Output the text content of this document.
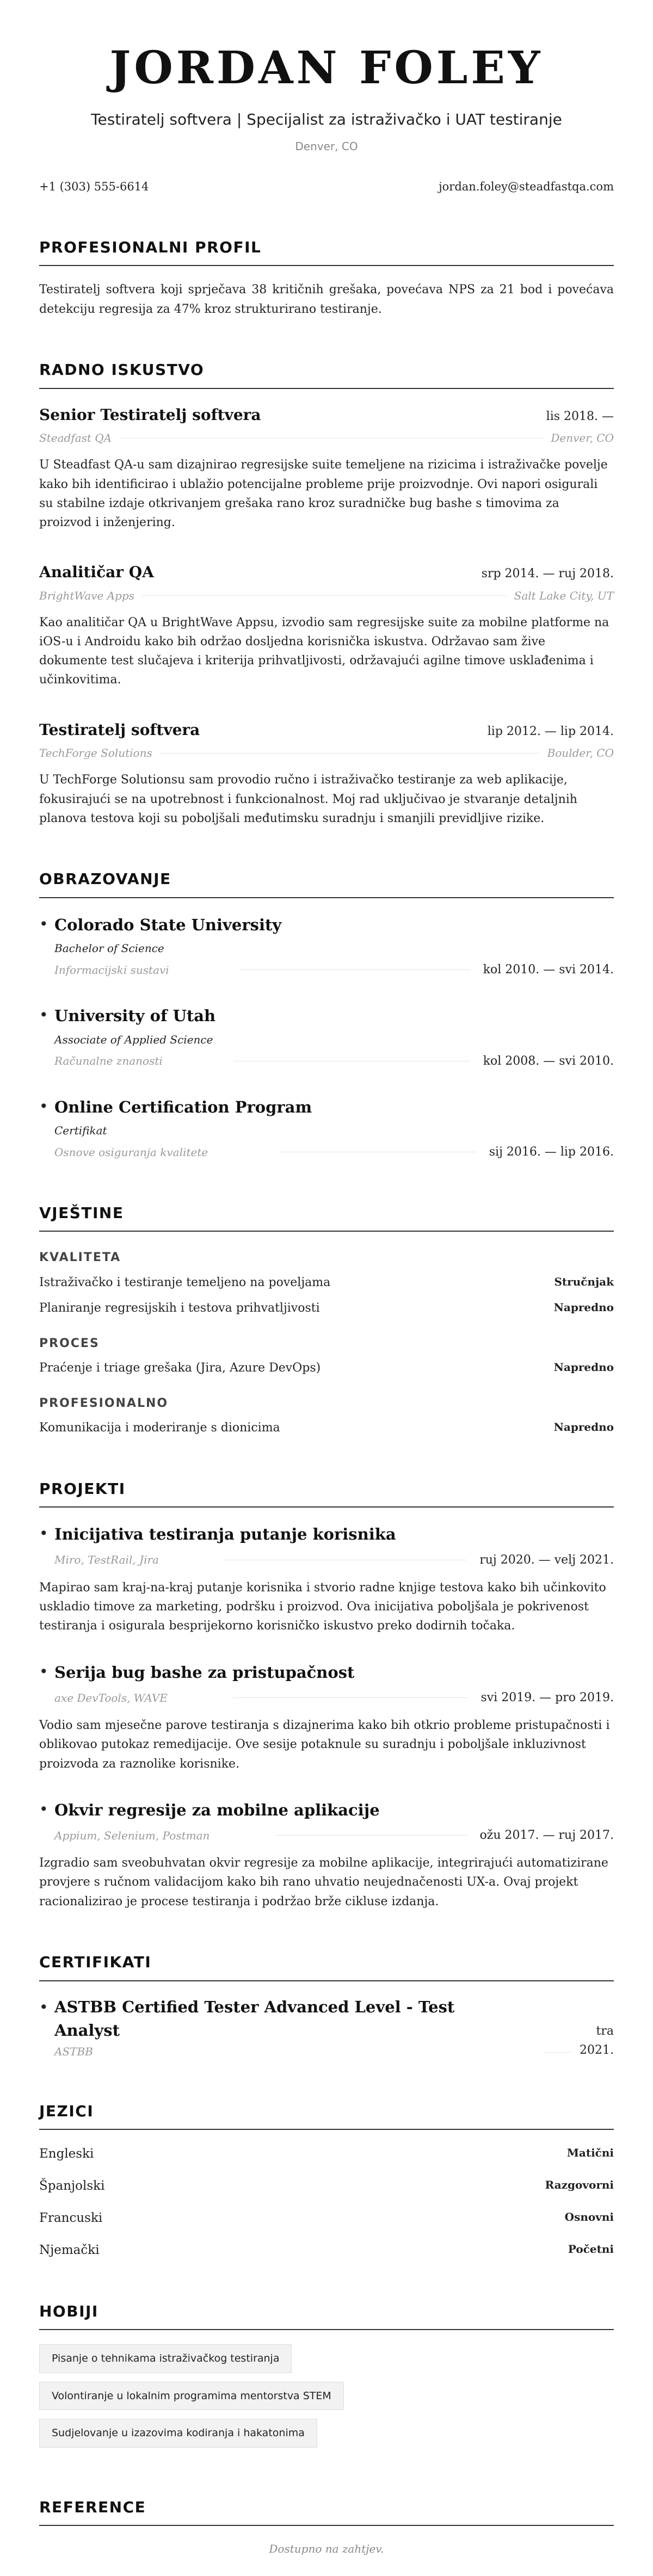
JORDAN FOLEY
Testiratelj softvera | Specijalist za istraživačko i UAT testiranje
Denver, CO
+1 (303) 555-6614	jordan.foley@steadfastqa.com
PROFESIONALNI PROFIL

Testiratelj softvera koji sprječava 38 kritičnih grešaka, povećava NPS za 21 bod i povećava detekciju regresija za 47% kroz strukturirano testiranje.

RADNO ISKUSTVO
Senior Testiratelj softvera	lis 2018. —
Steadfast QA	Denver, CO

U Steadfast QA-u sam dizajnirao regresijske suite temeljene na rizicima i istraživačke povelje kako bih identificirao i ublažio potencijalne probleme prije proizvodnje. Ovi napori osigurali su stabilne izdaje otkrivanjem grešaka rano kroz suradničke bug bashe s timovima za proizvod i inženjering.

Analitičar QA	srp 2014. — ruj 2018.
BrightWave Apps	Salt Lake City, UT

Kao analitičar QA u BrightWave Appsu, izvodio sam regresijske suite za mobilne platforme na iOS-u i Androidu kako bih održao dosljedna korisnička iskustva. Održavao sam žive dokumente test slučajeva i kriterija prihvatljivosti, održavajući agilne timove usklađenima i učinkovitima.

Testiratelj softvera	lip 2012. — lip 2014.
TechForge Solutions	Boulder, CO

U TechForge Solutionsu sam provodio ručno i istraživačko testiranje za web aplikacije, fokusirajući se na upotrebnost i funkcionalnost. Moj rad uključivao je stvaranje detaljnih planova testova koji su poboljšali međutimsku suradnju i smanjili previdljive rizike.

OBRAZOVANJE
• Colorado State University
Bachelor of Science
Informacijski sustavi	kol 2010. — svi 2014.
• University of Utah
Associate of Applied Science
Računalne znanosti	kol 2008. — svi 2010.
• Online Certification Program
Certifikat
Osnove osiguranja kvalitete	sij 2016. — lip 2016.
VJEŠTINE
KVALITETA
Istraživačko i testiranje temeljeno na poveljama	Stručnjak
Planiranje regresijskih i testova prihvatljivosti	Napredno
PROCES
Praćenje i triage grešaka (Jira, Azure DevOps)	Napredno
PROFESIONALNO
Komunikacija i moderiranje s dionicima	Napredno
PROJEKTI
• Inicijativa testiranja putanje korisnika
Miro, TestRail, Jira	ruj 2020. — velj 2021.

Mapirao sam kraj-na-kraj putanje korisnika i stvorio radne knjige testova kako bih učinkovito uskladio timove za marketing, podršku i proizvod. Ova inicijativa poboljšala je pokrivenost testiranja i osigurala besprijekorno korisničko iskustvo preko dodirnih točaka.

• Serija bug bashe za pristupačnost
axe DevTools, WAVE	svi 2019. — pro 2019.

Vodio sam mjesečne parove testiranja s dizajnerima kako bih otkrio probleme pristupačnosti i oblikovao putokaz remedijacije. Ove sesije potaknule su suradnju i poboljšale inkluzivnost proizvoda za raznolike korisnike.

• Okvir regresije za mobilne aplikacije
Appium, Selenium, Postman	ožu 2017. — ruj 2017.

Izgradio sam sveobuhvatan okvir regresije za mobilne aplikacije, integrirajući automatizirane provjere s ručnom validacijom kako bih rano uhvatio neujednačenosti UX-a. Ovaj projekt racionalizirao je procese testiranja i podržao brže cikluse izdanja.

CERTIFIKATI
• ASTBB Certified Tester Advanced Level - Test Analyst
ASTBB
tra 2021.
JEZICI
Engleski	Matični
Španjolski	Razgovorni
Francuski	Osnovni
Njemački	Početni
HOBIJI
Pisanje o tehnikama istraživačkog testiranja
Volontiranje u lokalnim programima mentorstva STEM
Sudjelovanje u izazovima kodiranja i hakatonima
REFERENCE
Dostupno na zahtjev.
